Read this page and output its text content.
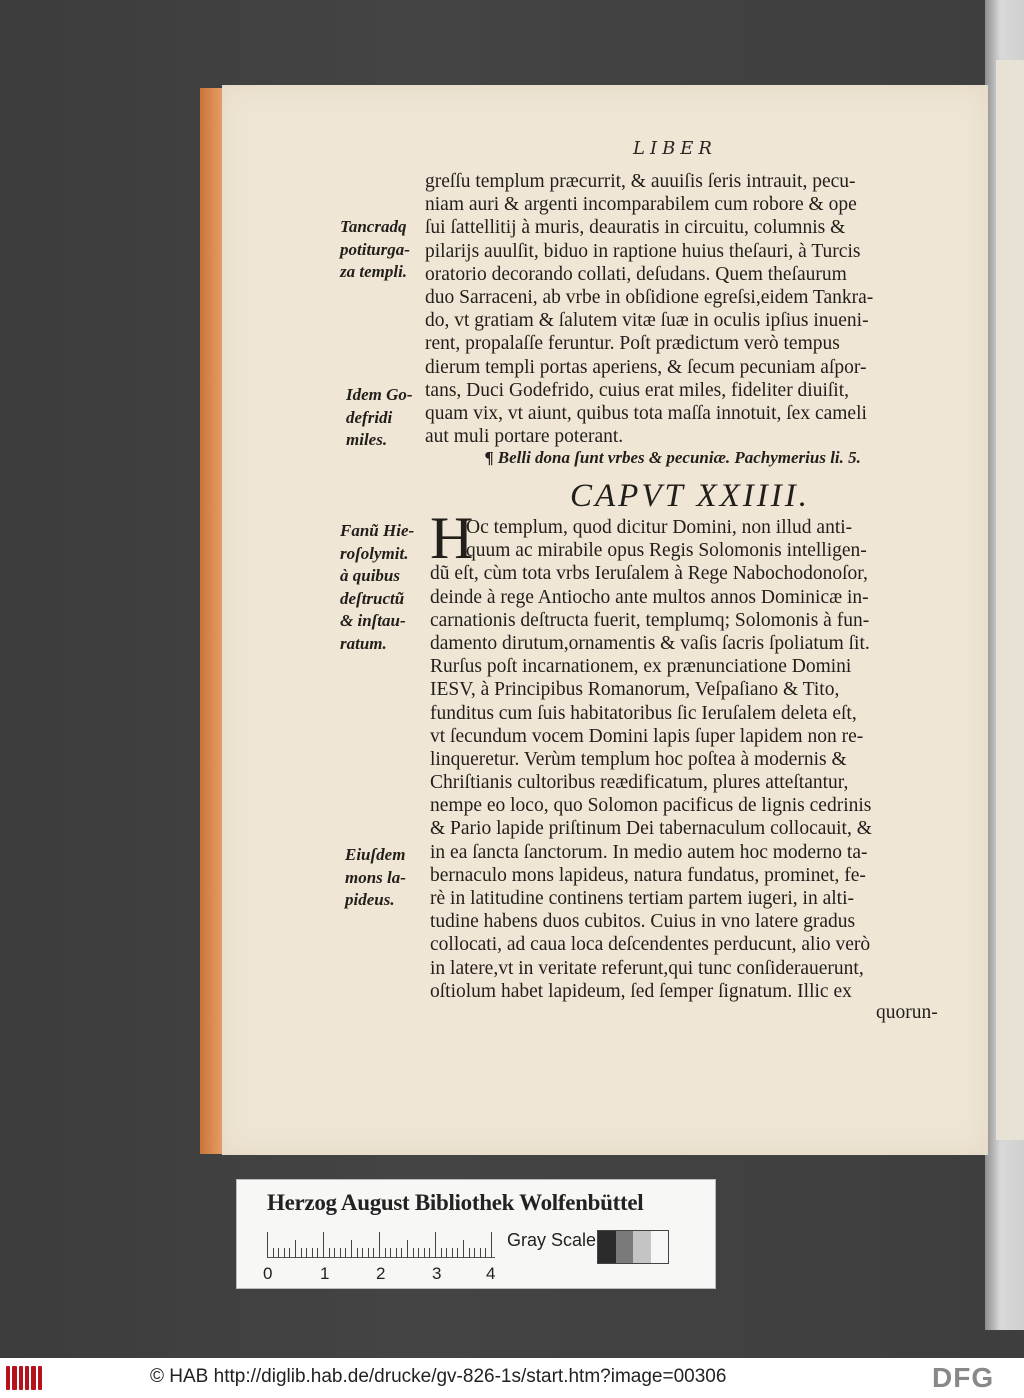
LIBER
greſſu templum præcurrit, & auuiſis ſeris intrauit, pecu-
niam auri & argenti incomparabilem cum robore & ope
ſui ſattellitij à muris, deauratis in circuitu, columnis &
pilarijs auulſit, biduo in raptione huius theſauri, à Turcis
oratorio decorando collati, deſudans. Quem theſaurum
duo Sarraceni, ab vrbe in obſidione egreſsi,eidem Tankra-
do, vt gratiam & ſalutem vitæ ſuæ in oculis ipſius inueni-
rent, propalaſſe feruntur. Poſt prædictum verò tempus
dierum templi portas aperiens, & ſecum pecuniam aſpor-
tans, Duci Godefrido, cuius erat miles, fideliter diuiſit,
quam vix, vt aiunt, quibus tota maſſa innotuit, ſex cameli
aut muli portare poterant.
Tancradq
potiturga-
za templi.
Idem Go-
defridi
miles.
¶ Belli dona ſunt vrbes & pecuniæ. Pachymerius li. 5.
CAPVT XXIIII.
H
Oc templum, quod dicitur Domini, non illud anti-
quum ac mirabile opus Regis Solomonis intelligen-
dũ eſt, cùm tota vrbs Ieruſalem à Rege Nabochodonoſor,
deinde à rege Antiocho ante multos annos Dominicæ in-
carnationis deſtructa fuerit, templumq; Solomonis à fun-
damento dirutum,ornamentis & vaſis ſacris ſpoliatum ſit.
Rurſus poſt incarnationem, ex prænunciatione Domini
IESV, à Principibus Romanorum, Veſpaſiano & Tito,
funditus cum ſuis habitatoribus ſic Ieruſalem deleta eſt,
vt ſecundum vocem Domini lapis ſuper lapidem non re-
linqueretur. Verùm templum hoc poſtea à modernis &
Chriſtianis cultoribus reædificatum, plures atteſtantur,
nempe eo loco, quo Solomon pacificus de lignis cedrinis
& Pario lapide priſtinum Dei tabernaculum collocauit, &
in ea ſancta ſanctorum. In medio autem hoc moderno ta-
bernaculo mons lapideus, natura fundatus, prominet, fe-
rè in latitudine continens tertiam partem iugeri, in alti-
tudine habens duos cubitos. Cuius in vno latere gradus
collocati, ad caua loca deſcendentes perducunt, alio verò
in latere,vt in veritate referunt,qui tunc conſiderauerunt,
oſtiolum habet lapideum, ſed ſemper ſignatum. Illic ex
Fanũ Hie-
roſolymit.
à quibus
deſtructũ
& inſtau-
ratum.
Eiuſdem
mons la-
pideus.
quorun-
Herzog August Bibliothek Wolfenbüttel
0	1	2	3	4
Gray Scale
© HAB http://diglib.hab.de/drucke/gv-826-1s/start.htm?image=00306	DFG
